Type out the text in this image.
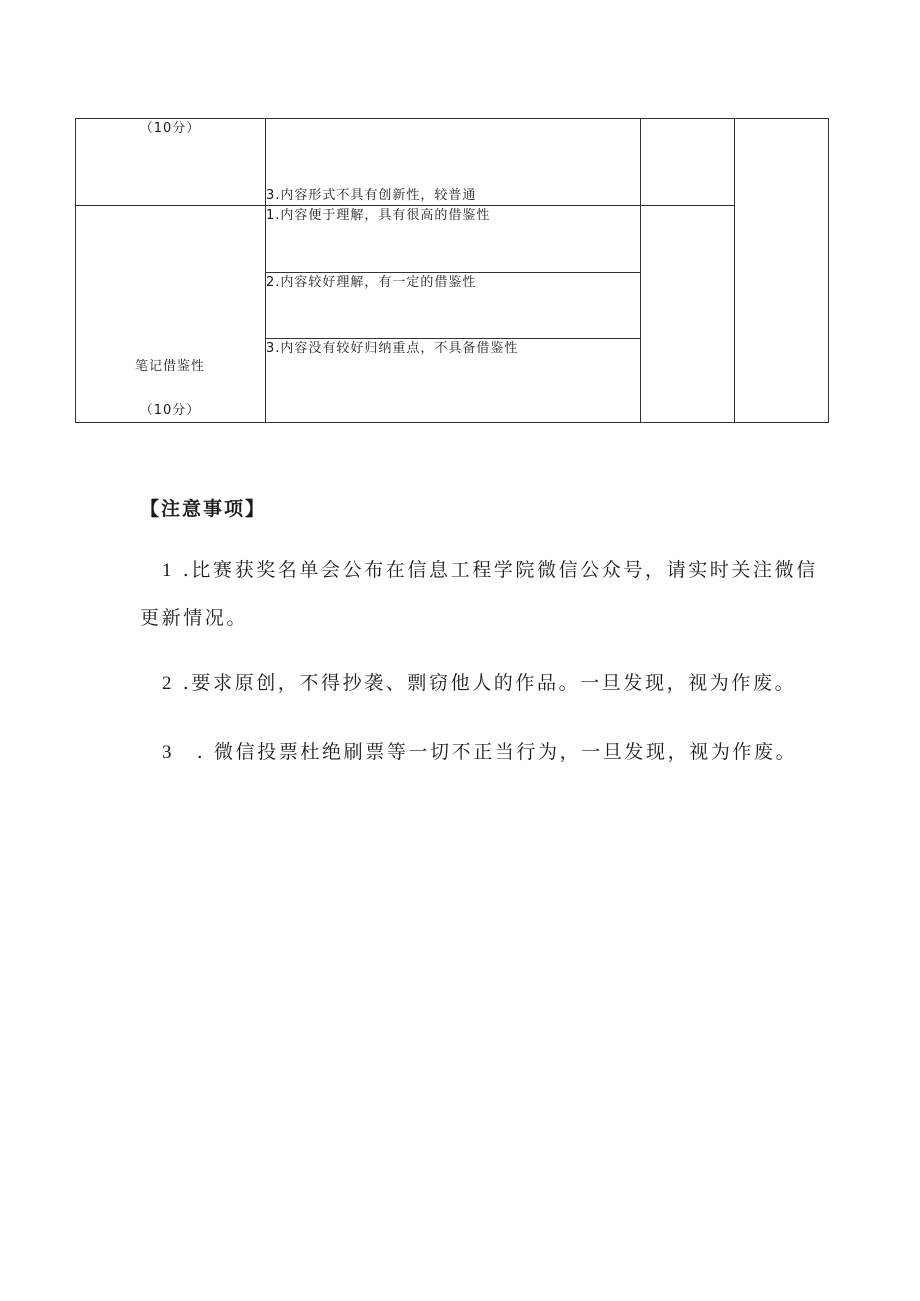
（10分）
3.内容形式不具有创新性，较普通
1.内容便于理解，具有很高的借鉴性
2.内容较好理解，有一定的借鉴性
3.内容没有较好归纳重点，不具备借鉴性
笔记借鉴性
（10分）
【注意事项】
1 .比赛获奖名单会公布在信息工程学院微信公众号，请实时关注微信
更新情况。
2 .要求原创，不得抄袭、剽窃他人的作品。一旦发现，视为作废。
3 . 微信投票杜绝刷票等一切不正当行为，一旦发现，视为作废。
